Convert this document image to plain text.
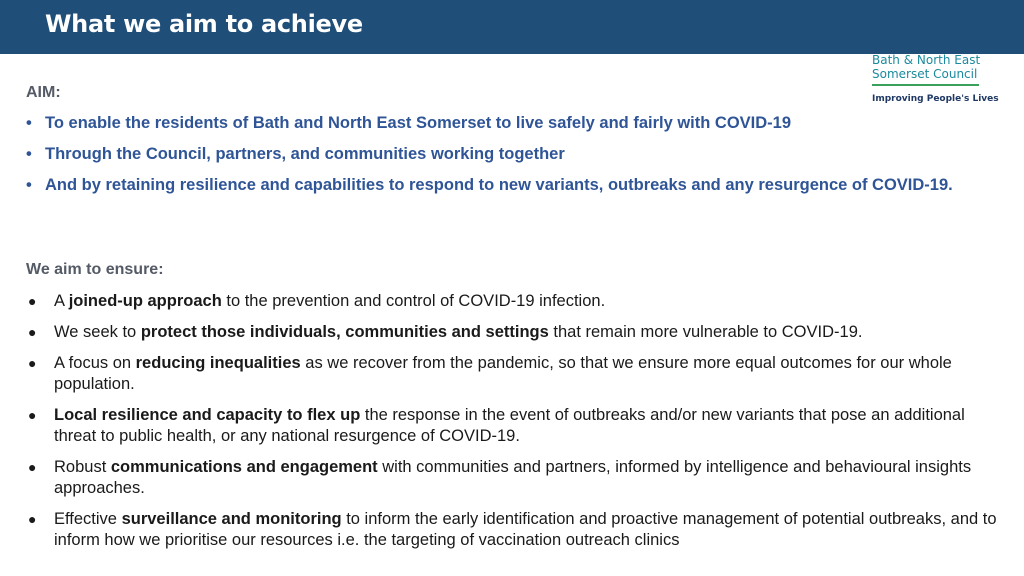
What we aim to achieve
Bath & North East
Somerset Council
Improving People's Lives
AIM:
• To enable the residents of Bath and North East Somerset to live safely and fairly with COVID-19
• Through the Council, partners, and communities working together
• And by retaining resilience and capabilities to respond to new variants, outbreaks and any resurgence of COVID-19.
We aim to ensure:
● A joined-up approach to the prevention and control of COVID-19 infection.
● We seek to protect those individuals, communities and settings that remain more vulnerable to COVID-19.
● A focus on reducing inequalities as we recover from the pandemic, so that we ensure more equal outcomes for our whole population.
● Local resilience and capacity to flex up the response in the event of outbreaks and/or new variants that pose an additional threat to public health, or any national resurgence of COVID-19.
● Robust communications and engagement with communities and partners, informed by intelligence and behavioural insights approaches.
● Effective surveillance and monitoring to inform the early identification and proactive management of potential outbreaks, and to inform how we prioritise our resources i.e. the targeting of vaccination outreach clinics
